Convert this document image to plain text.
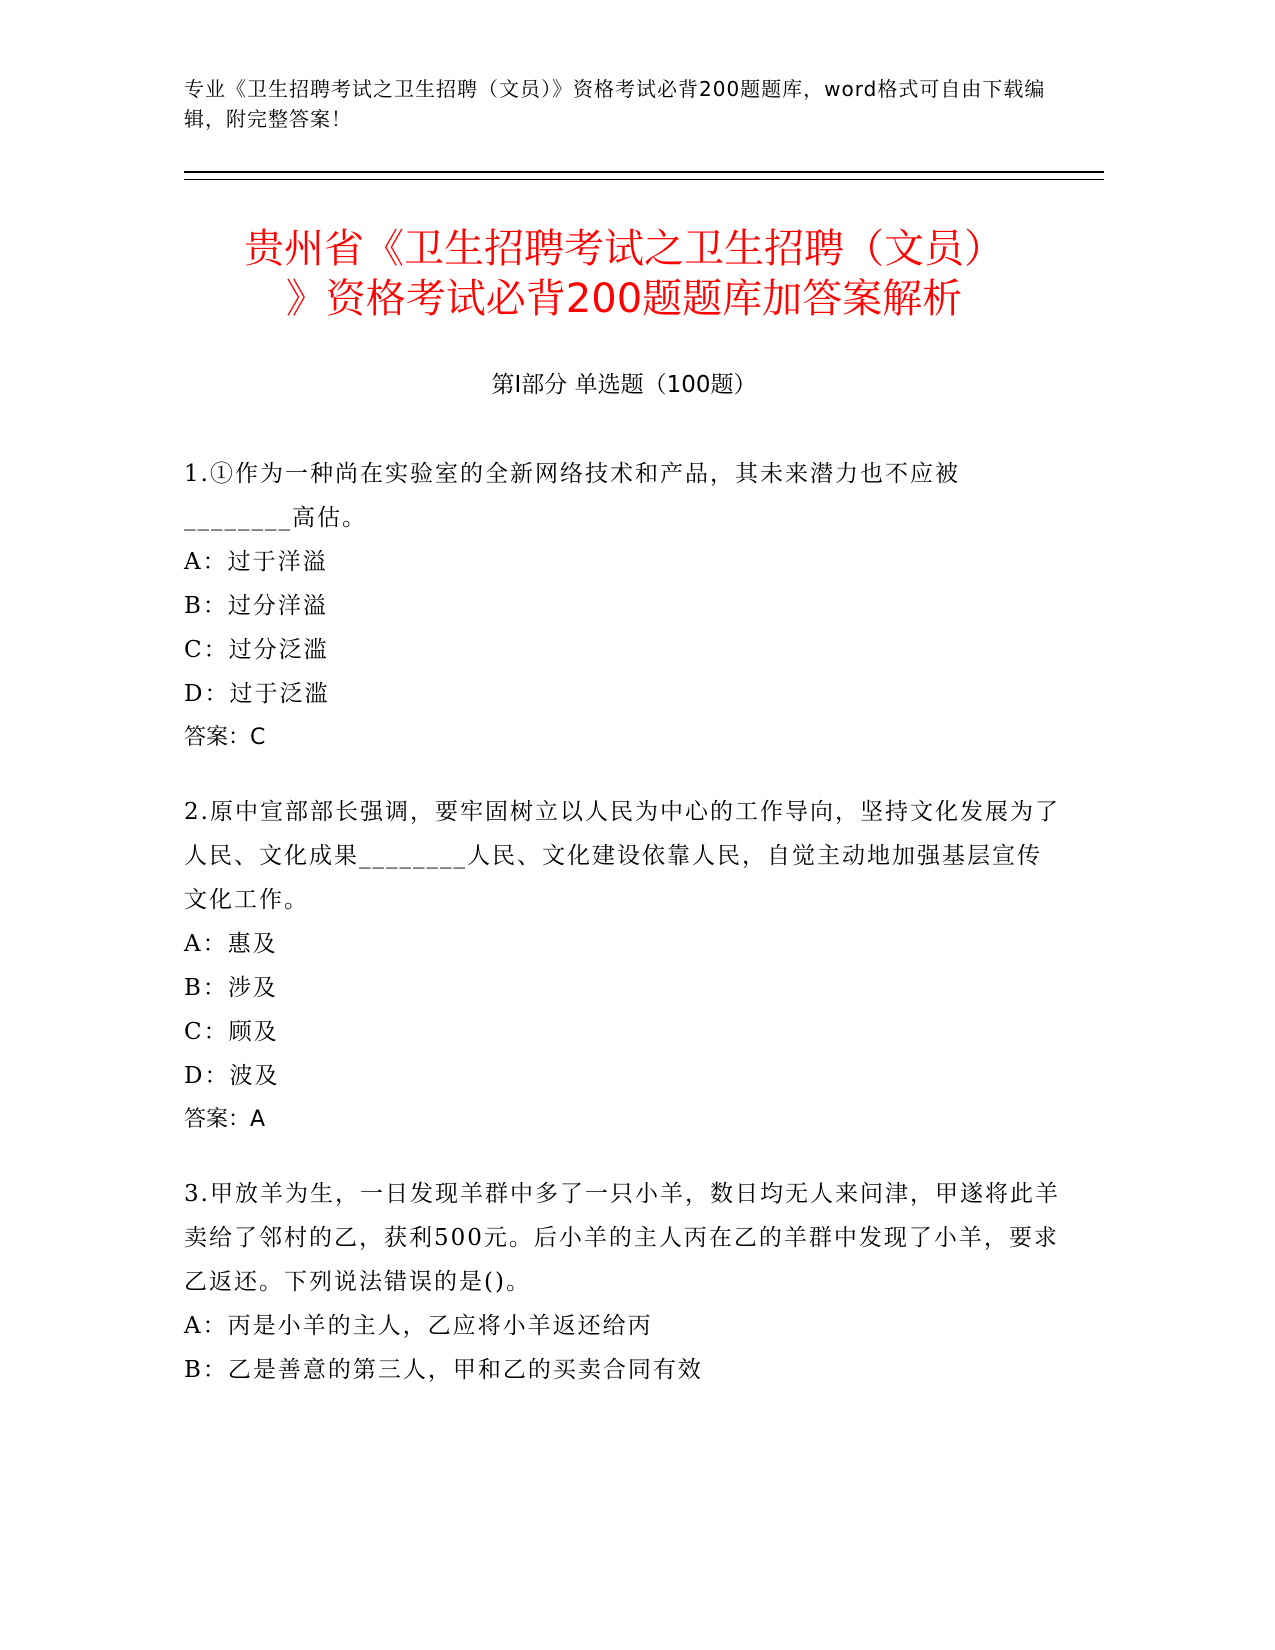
专业《卫生招聘考试之卫生招聘（文员）》资格考试必背200题题库，word格式可自由下载编辑，附完整答案！
贵州省《卫生招聘考试之卫生招聘（文员）
》资格考试必背200题题库加答案解析
第Ⅰ部分 单选题（100题）

1.①作为一种尚在实验室的全新网络技术和产品，其未来潜力也不应被________高估。

A：过于洋溢

B：过分洋溢

C：过分泛滥

D：过于泛滥

答案：C

2.原中宣部部长强调，要牢固树立以人民为中心的工作导向，坚持文化发展为了人民、文化成果________人民、文化建设依靠人民，自觉主动地加强基层宣传文化工作。

A：惠及

B：涉及

C：顾及

D：波及

答案：A

3.甲放羊为生，一日发现羊群中多了一只小羊，数日均无人来问津，甲遂将此羊卖给了邻村的乙，获利500元。后小羊的主人丙在乙的羊群中发现了小羊，要求乙返还。下列说法错误的是()。

A：丙是小羊的主人，乙应将小羊返还给丙

B：乙是善意的第三人，甲和乙的买卖合同有效
